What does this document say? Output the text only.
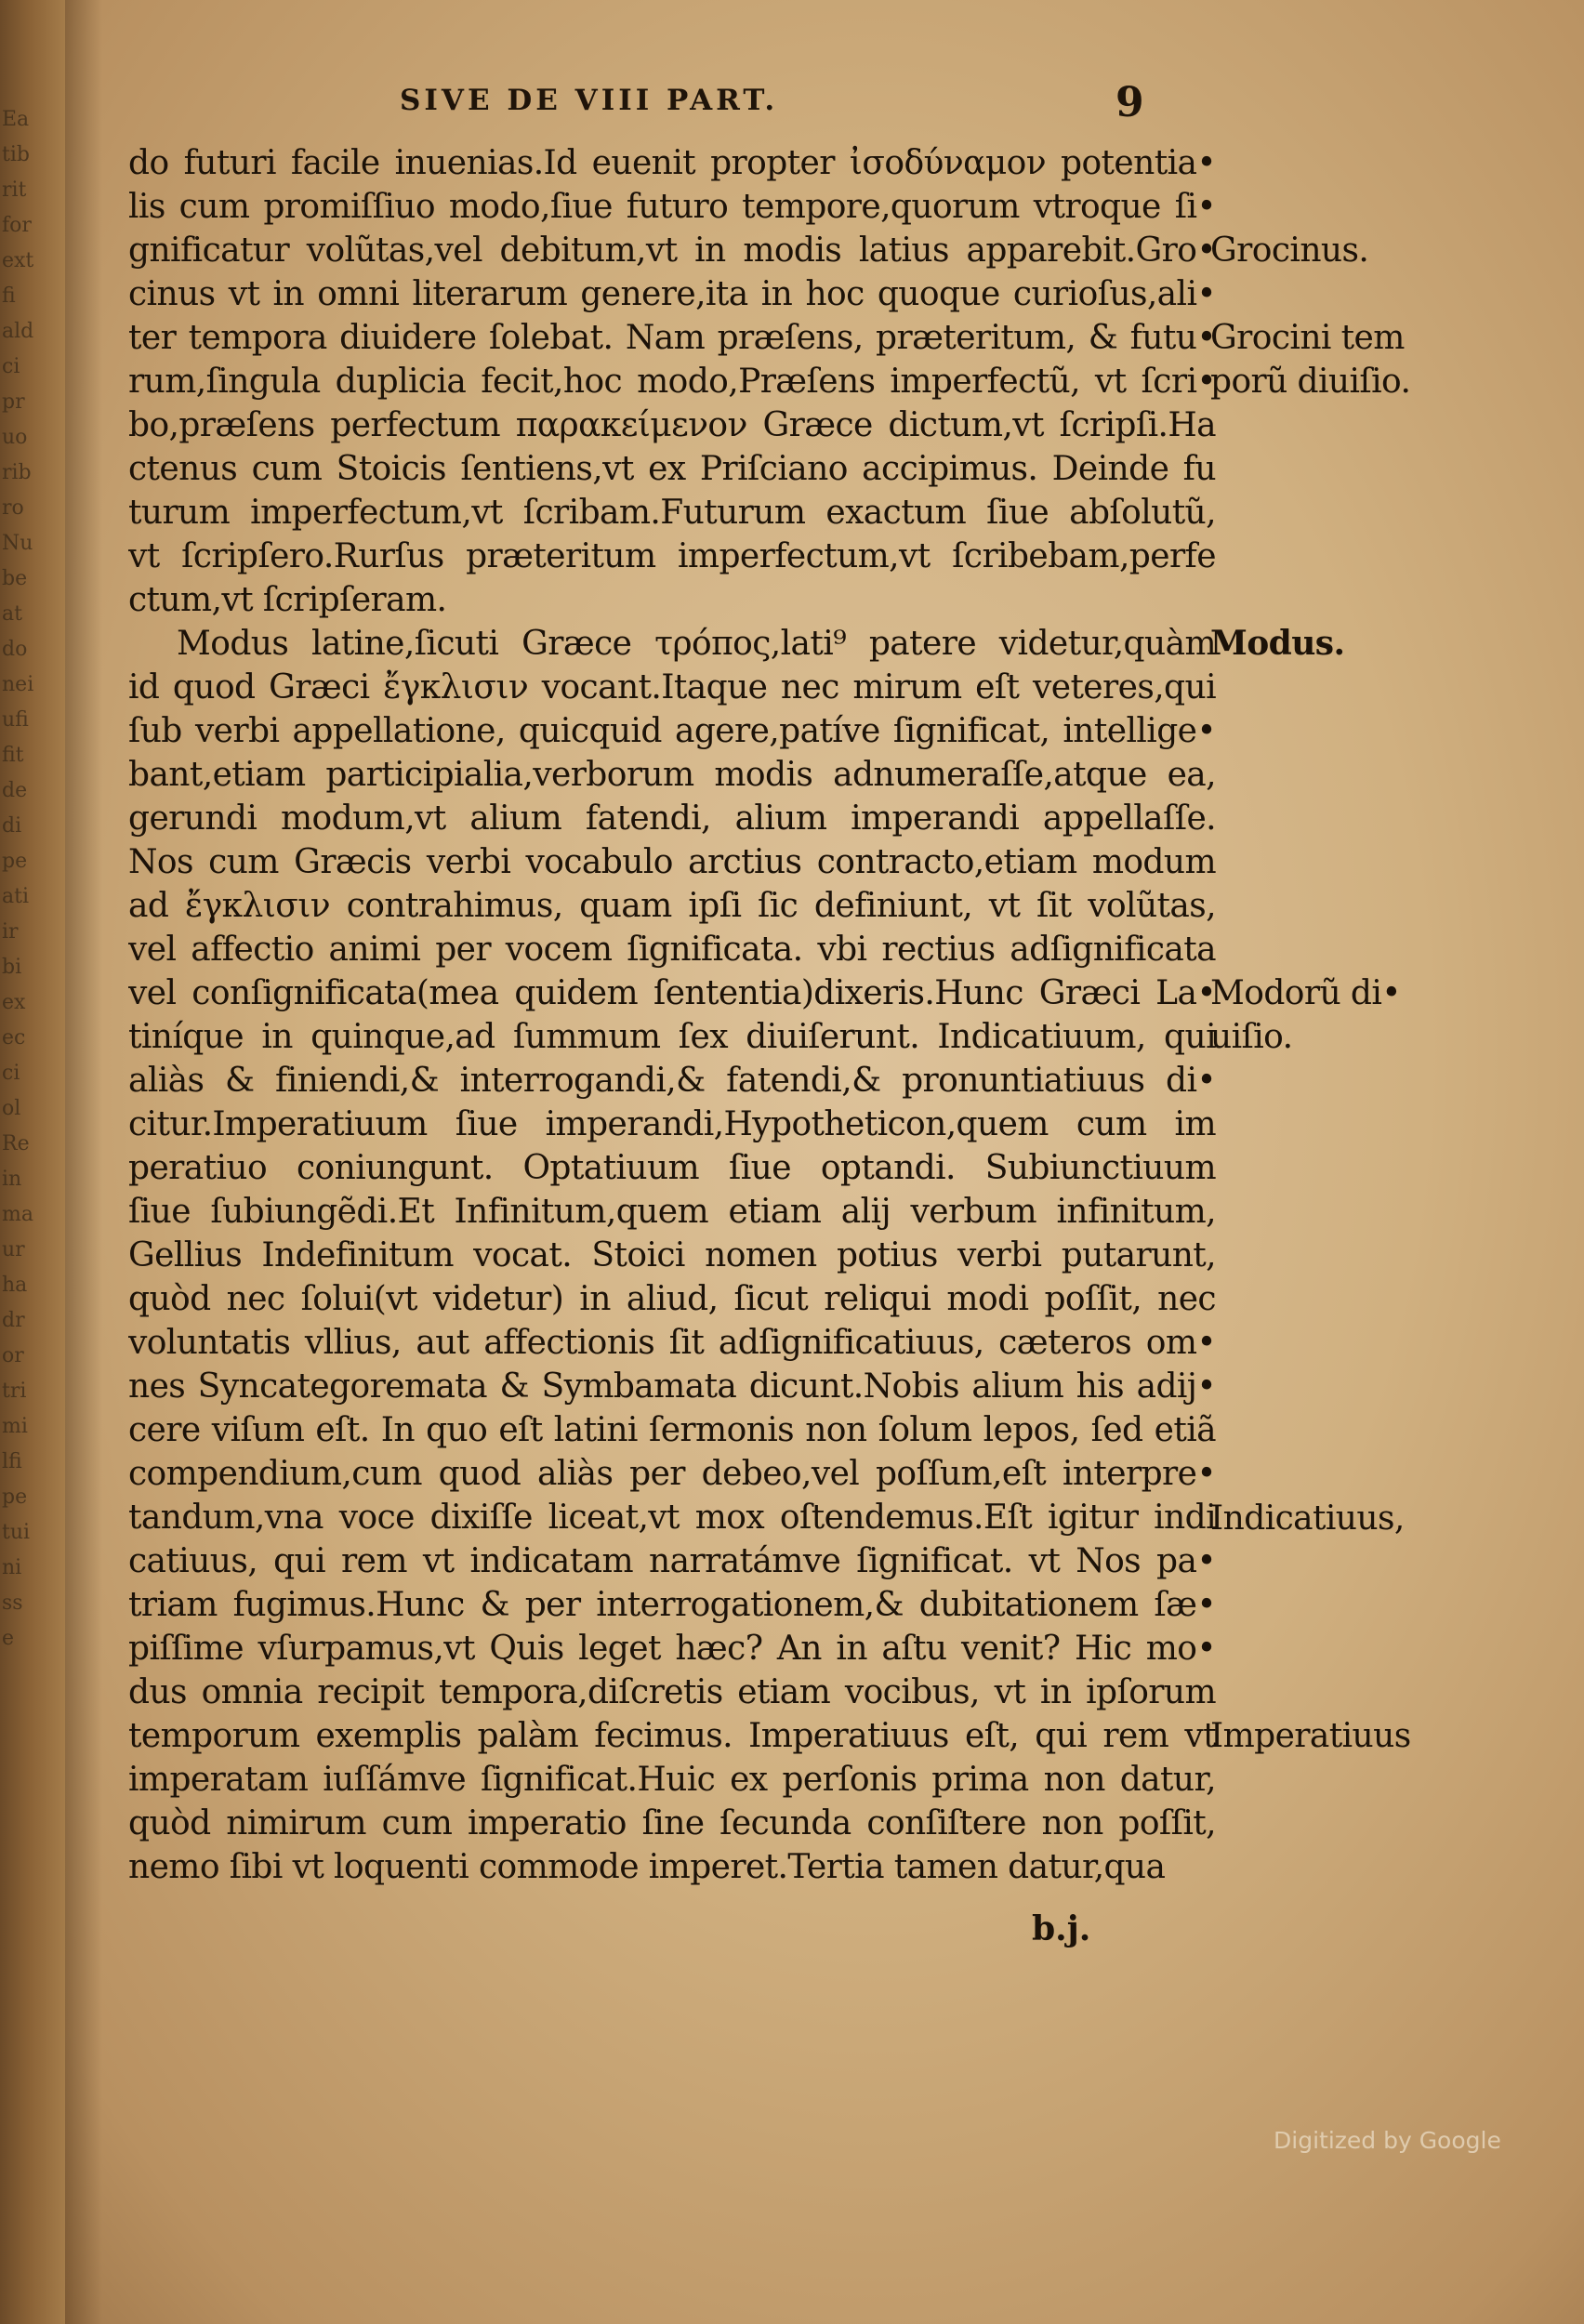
Ea
tib
rit
for
ext
fi
ald
ci
pr
uo
rib
ro
Nu
be
at
do
nei
ufi
fit
de
di
pe
ati
ir
bi
ex
ec
ci
ol
Re
in
ma
ur
ha
dr
or
tri
mi
lfi
pe
tui
ni
ss
e
SIVE DE VIII PART.	9
do futuri facile inuenias.Id euenit propter ἰσοδύναμον potentia•
lis cum promiſſiuo modo,ſiue futuro tempore,quorum vtroque ſi•
gnificatur volũtas,vel debitum,vt in modis latius apparebit.Gro•
cinus vt in omni literarum genere,ita in hoc quoque curioſus,ali•
ter tempora diuidere ſolebat. Nam præſens, præteritum, & futu•
rum,ſingula duplicia fecit,hoc modo,Præſens imperfectũ, vt ſcri•
bo,præſens perfectum παρακείμενον Græce dictum,vt ſcripſi.Ha
ctenus cum Stoicis ſentiens,vt ex Priſciano accipimus. Deinde fu
turum imperfectum,vt ſcribam.Futurum exactum ſiue abſolutũ,
vt ſcripſero.Rurſus præteritum imperfectum,vt ſcribebam,perfe
ctum,vt ſcripſeram.
Modus latine,ſicuti Græce τρόπος,lati⁹ patere videtur,quàm
id quod Græci ἔγκλισιν vocant.Itaque nec mirum eſt veteres,qui
ſub verbi appellatione, quicquid agere,patíve ſignificat, intellige•
bant,etiam participialia,verborum modis adnumeraſſe,atque ea,
gerundi modum,vt alium fatendi, alium imperandi appellaſſe.
Nos cum Græcis verbi vocabulo arctius contracto,etiam modum
ad ἔγκλισιν contrahimus, quam ipſi ſic definiunt, vt ſit volũtas,
vel affectio animi per vocem ſignificata. vbi rectius adſignificata
vel conſignificata(mea quidem ſententia)dixeris.Hunc Græci La•
tiníque in quinque,ad ſummum ſex diuiſerunt. Indicatiuum, qui
aliàs & finiendi,& interrogandi,& fatendi,& pronuntiatiuus di•
citur.Imperatiuum ſiue imperandi,Hypotheticon,quem cum im
peratiuo coniungunt. Optatiuum ſiue optandi. Subiunctiuum
ſiue ſubiungẽdi.Et Infinitum,quem etiam alij verbum infinitum,
Gellius Indefinitum vocat. Stoici nomen potius verbi putarunt,
quòd nec ſolui(vt videtur) in aliud, ſicut reliqui modi poſſit, nec
voluntatis vllius, aut affectionis ſit adſignificatiuus, cæteros om•
nes Syncategoremata & Symbamata dicunt.Nobis alium his adij•
cere viſum eſt. In quo eſt latini ſermonis non ſolum lepos, ſed etiã
compendium,cum quod aliàs per debeo,vel poſſum,eſt interpre•
tandum,vna voce dixiſſe liceat,vt mox oſtendemus.Eſt igitur indi
catiuus, qui rem vt indicatam narratámve ſignificat. vt Nos pa•
triam fugimus.Hunc & per interrogationem,& dubitationem ſæ•
piſſime vſurpamus,vt Quis leget hæc? An in aſtu venit? Hic mo•
dus omnia recipit tempora,diſcretis etiam vocibus, vt in ipſorum
temporum exemplis palàm fecimus. Imperatiuus eſt, qui rem vt
imperatam iuſſámve ſignificat.Huic ex perſonis prima non datur,
quòd nimirum cum imperatio ſine ſecunda conſiſtere non poſſit,
nemo ſibi vt loquenti commode imperet.Tertia tamen datur,qua
Grocinus.
Grocini tem
porũ diuiſio.
Modus.
Modorũ di•
uiſio.
Indicatiuus,
Imperatiuus
b.j.
Digitized by Google
